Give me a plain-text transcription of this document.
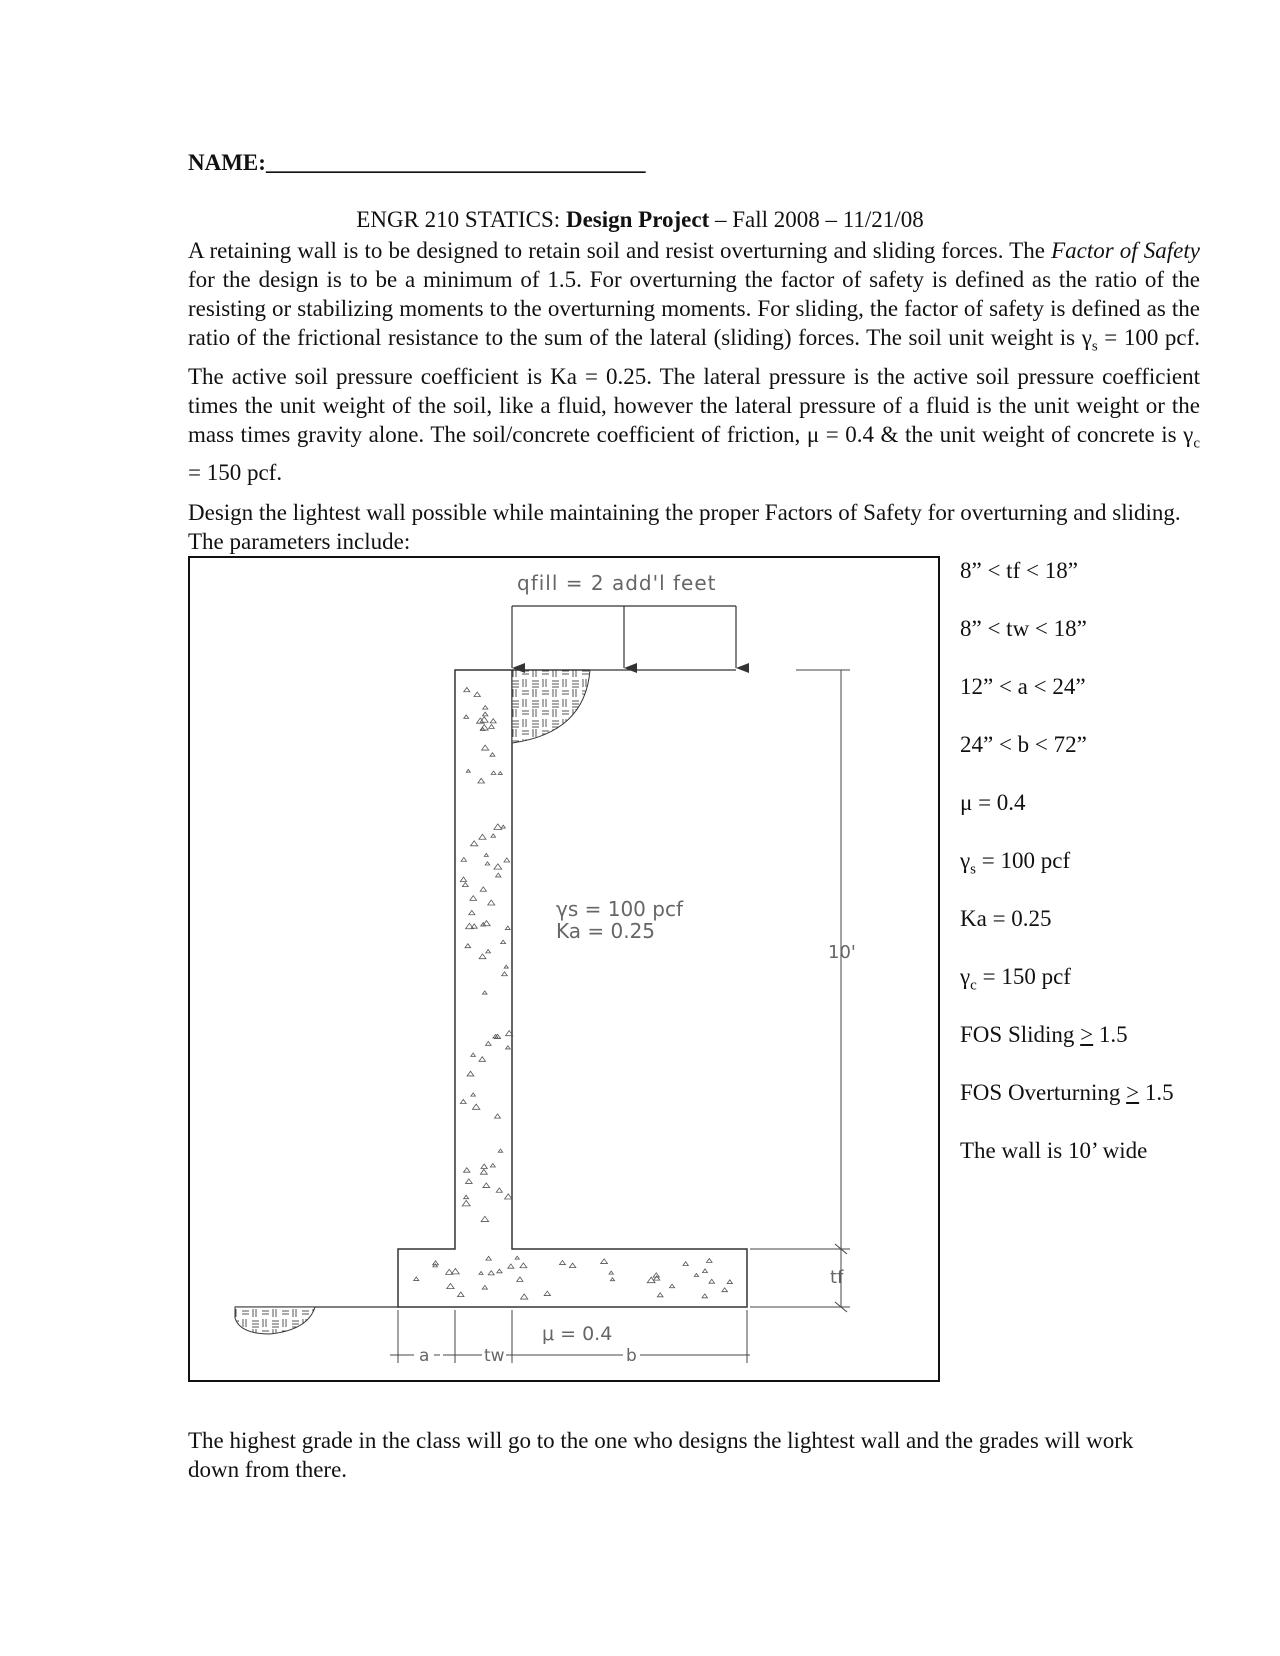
NAME:_________________________________
ENGR 210 STATICS: Design Project – Fall 2008 – 11/21/08

A retaining wall is to be designed to retain soil and resist overturning and sliding forces. The Factor of Safety for the design is to be a minimum of 1.5. For overturning the factor of safety is defined as the ratio of the resisting or stabilizing moments to the overturning moments. For sliding, the factor of safety is defined as the ratio of the frictional resistance to the sum of the lateral (sliding) forces. The soil unit weight is $\gamma_s = 100$ pcf. The active soil pressure coefficient is Ka = 0.25. The lateral pressure is the active soil pressure coefficient times the unit weight of the soil, like a fluid, however the lateral pressure of a fluid is the unit weight or the mass times gravity alone. The soil/concrete coefficient of friction, μ = 0.4 & the unit weight of concrete is $\gamma_c = 150$ pcf.

Design the lightest wall possible while maintaining the proper Factors of Safety for overturning and sliding. The parameters include:

qfill = 2 add'l feet
10'
tf
γs = 100 pcf
Ka = 0.25
μ = 0.4
a	tw	b
8” < tf < 18”
8” < tw < 18”
12” < a < 24”
24” < b < 72”
μ = 0.4
$\gamma_s = 100$ pcf
Ka = 0.25
$\gamma_c = 150$ pcf
FOS Sliding > 1.5
FOS Overturning > 1.5
The wall is 10’ wide

The highest grade in the class will go to the one who designs the lightest wall and the grades will work down from there.
